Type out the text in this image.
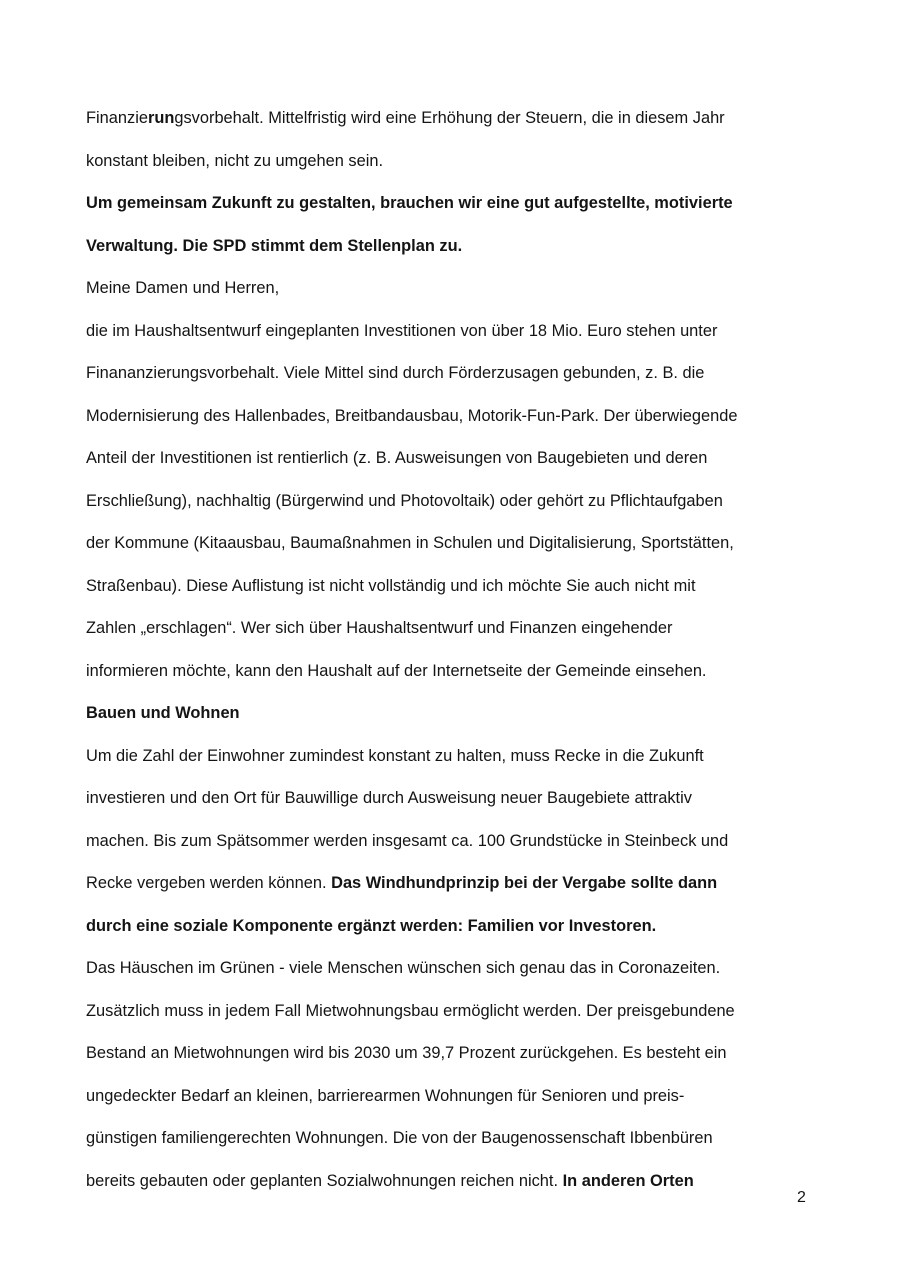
Finanzierungsvorbehalt. Mittelfristig wird eine Erhöhung der Steuern, die in diesem Jahr
konstant bleiben, nicht zu umgehen sein.
Um gemeinsam Zukunft zu gestalten, brauchen wir eine gut aufgestellte, motivierte
Verwaltung. Die SPD stimmt dem Stellenplan zu.
Meine Damen und Herren,
die im Haushaltsentwurf eingeplanten Investitionen von über 18 Mio. Euro stehen unter
Finananzierungsvorbehalt. Viele Mittel sind durch Förderzusagen gebunden, z. B. die
Modernisierung des Hallenbades, Breitbandausbau, Motorik-Fun-Park. Der überwiegende
Anteil der Investitionen ist rentierlich (z. B. Ausweisungen von Baugebieten und deren
Erschließung), nachhaltig (Bürgerwind und Photovoltaik) oder gehört zu Pflichtaufgaben
der Kommune (Kitaausbau, Baumaßnahmen in Schulen und Digitalisierung, Sportstätten,
Straßenbau). Diese Auflistung ist nicht vollständig und ich möchte Sie auch nicht mit
Zahlen „erschlagen“. Wer sich über Haushaltsentwurf und Finanzen eingehender
informieren möchte, kann den Haushalt auf der Internetseite der Gemeinde einsehen.
Bauen und Wohnen
Um die Zahl der Einwohner zumindest konstant zu halten, muss Recke in die Zukunft
investieren und den Ort für Bauwillige durch Ausweisung neuer Baugebiete attraktiv
machen. Bis zum Spätsommer werden insgesamt ca. 100 Grundstücke in Steinbeck und
Recke vergeben werden können. Das Windhundprinzip bei der Vergabe sollte dann
durch eine soziale Komponente ergänzt werden: Familien vor Investoren.
Das Häuschen im Grünen - viele Menschen wünschen sich genau das in Coronazeiten.
Zusätzlich muss in jedem Fall Mietwohnungsbau ermöglicht werden. Der preisgebundene
Bestand an Mietwohnungen wird bis 2030 um 39,7 Prozent zurückgehen. Es besteht ein
ungedeckter Bedarf an kleinen, barrierearmen Wohnungen für Senioren und preis-
günstigen familiengerechten Wohnungen. Die von der Baugenossenschaft Ibbenbüren
bereits gebauten oder geplanten Sozialwohnungen reichen nicht. In anderen Orten
2
